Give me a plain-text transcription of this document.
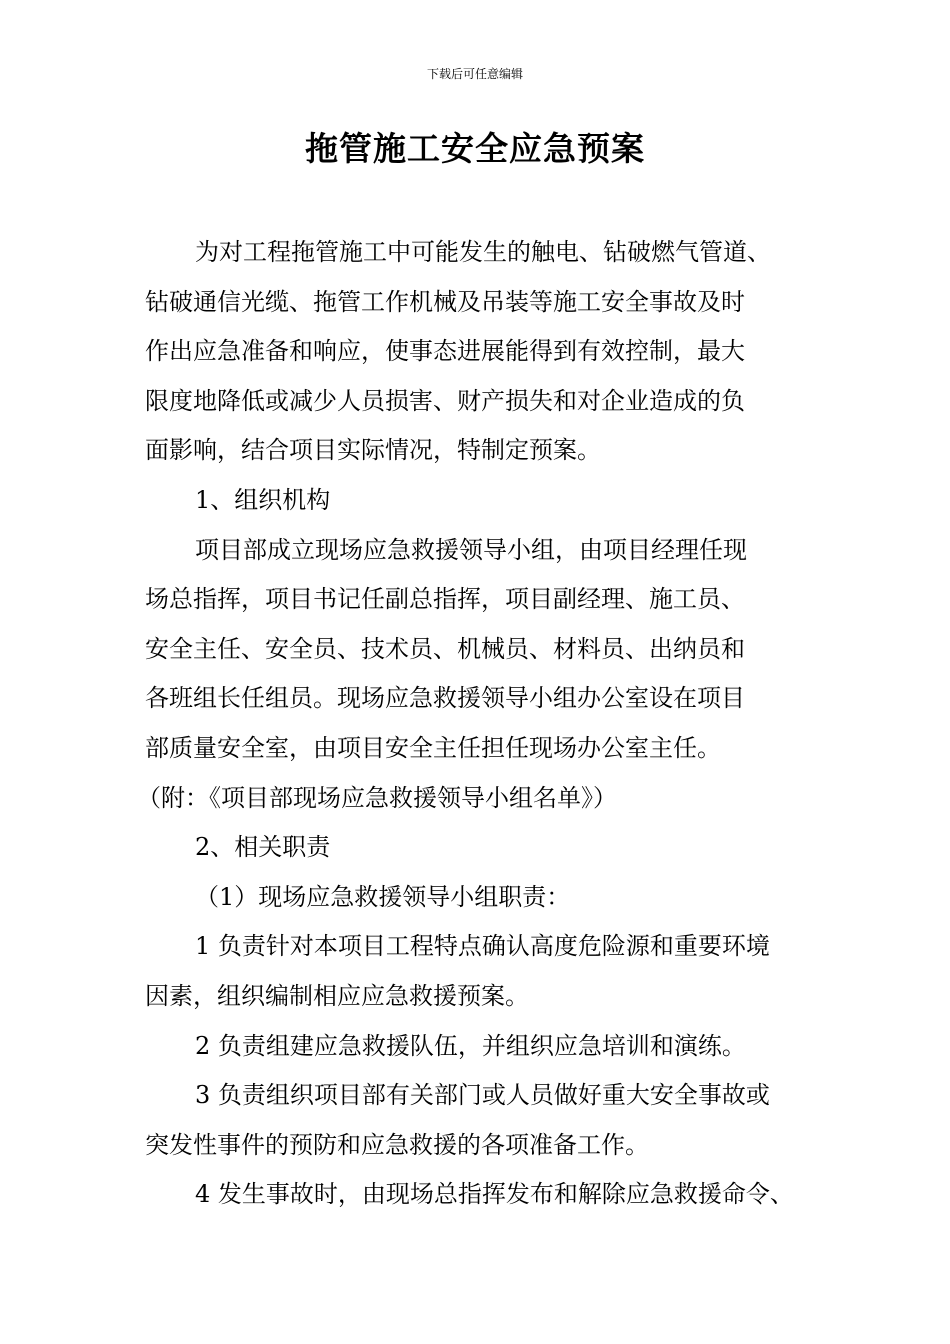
下载后可任意编辑
拖管施工安全应急预案

为对工程拖管施工中可能发生的触电、钻破燃气管道、
钻破通信光缆、拖管工作机械及吊装等施工安全事故及时
作出应急准备和响应，使事态进展能得到有效控制，最大
限度地降低或减少人员损害、财产损失和对企业造成的负
面影响，结合项目实际情况，特制定预案。

1、组织机构

项目部成立现场应急救援领导小组，由项目经理任现
场总指挥，项目书记任副总指挥，项目副经理、施工员、
安全主任、安全员、技术员、机械员、材料员、出纳员和
各班组长任组员。现场应急救援领导小组办公室设在项目
部质量安全室，由项目安全主任担任现场办公室主任。
（附：《项目部现场应急救援领导小组名单》）

2、相关职责

（1）现场应急救援领导小组职责：

1 负责针对本项目工程特点确认高度危险源和重要环境
因素，组织编制相应应急救援预案。

2 负责组建应急救援队伍，并组织应急培训和演练。

3 负责组织项目部有关部门或人员做好重大安全事故或
突发性事件的预防和应急救援的各项准备工作。

4 发生事故时，由现场总指挥发布和解除应急救援命令、
